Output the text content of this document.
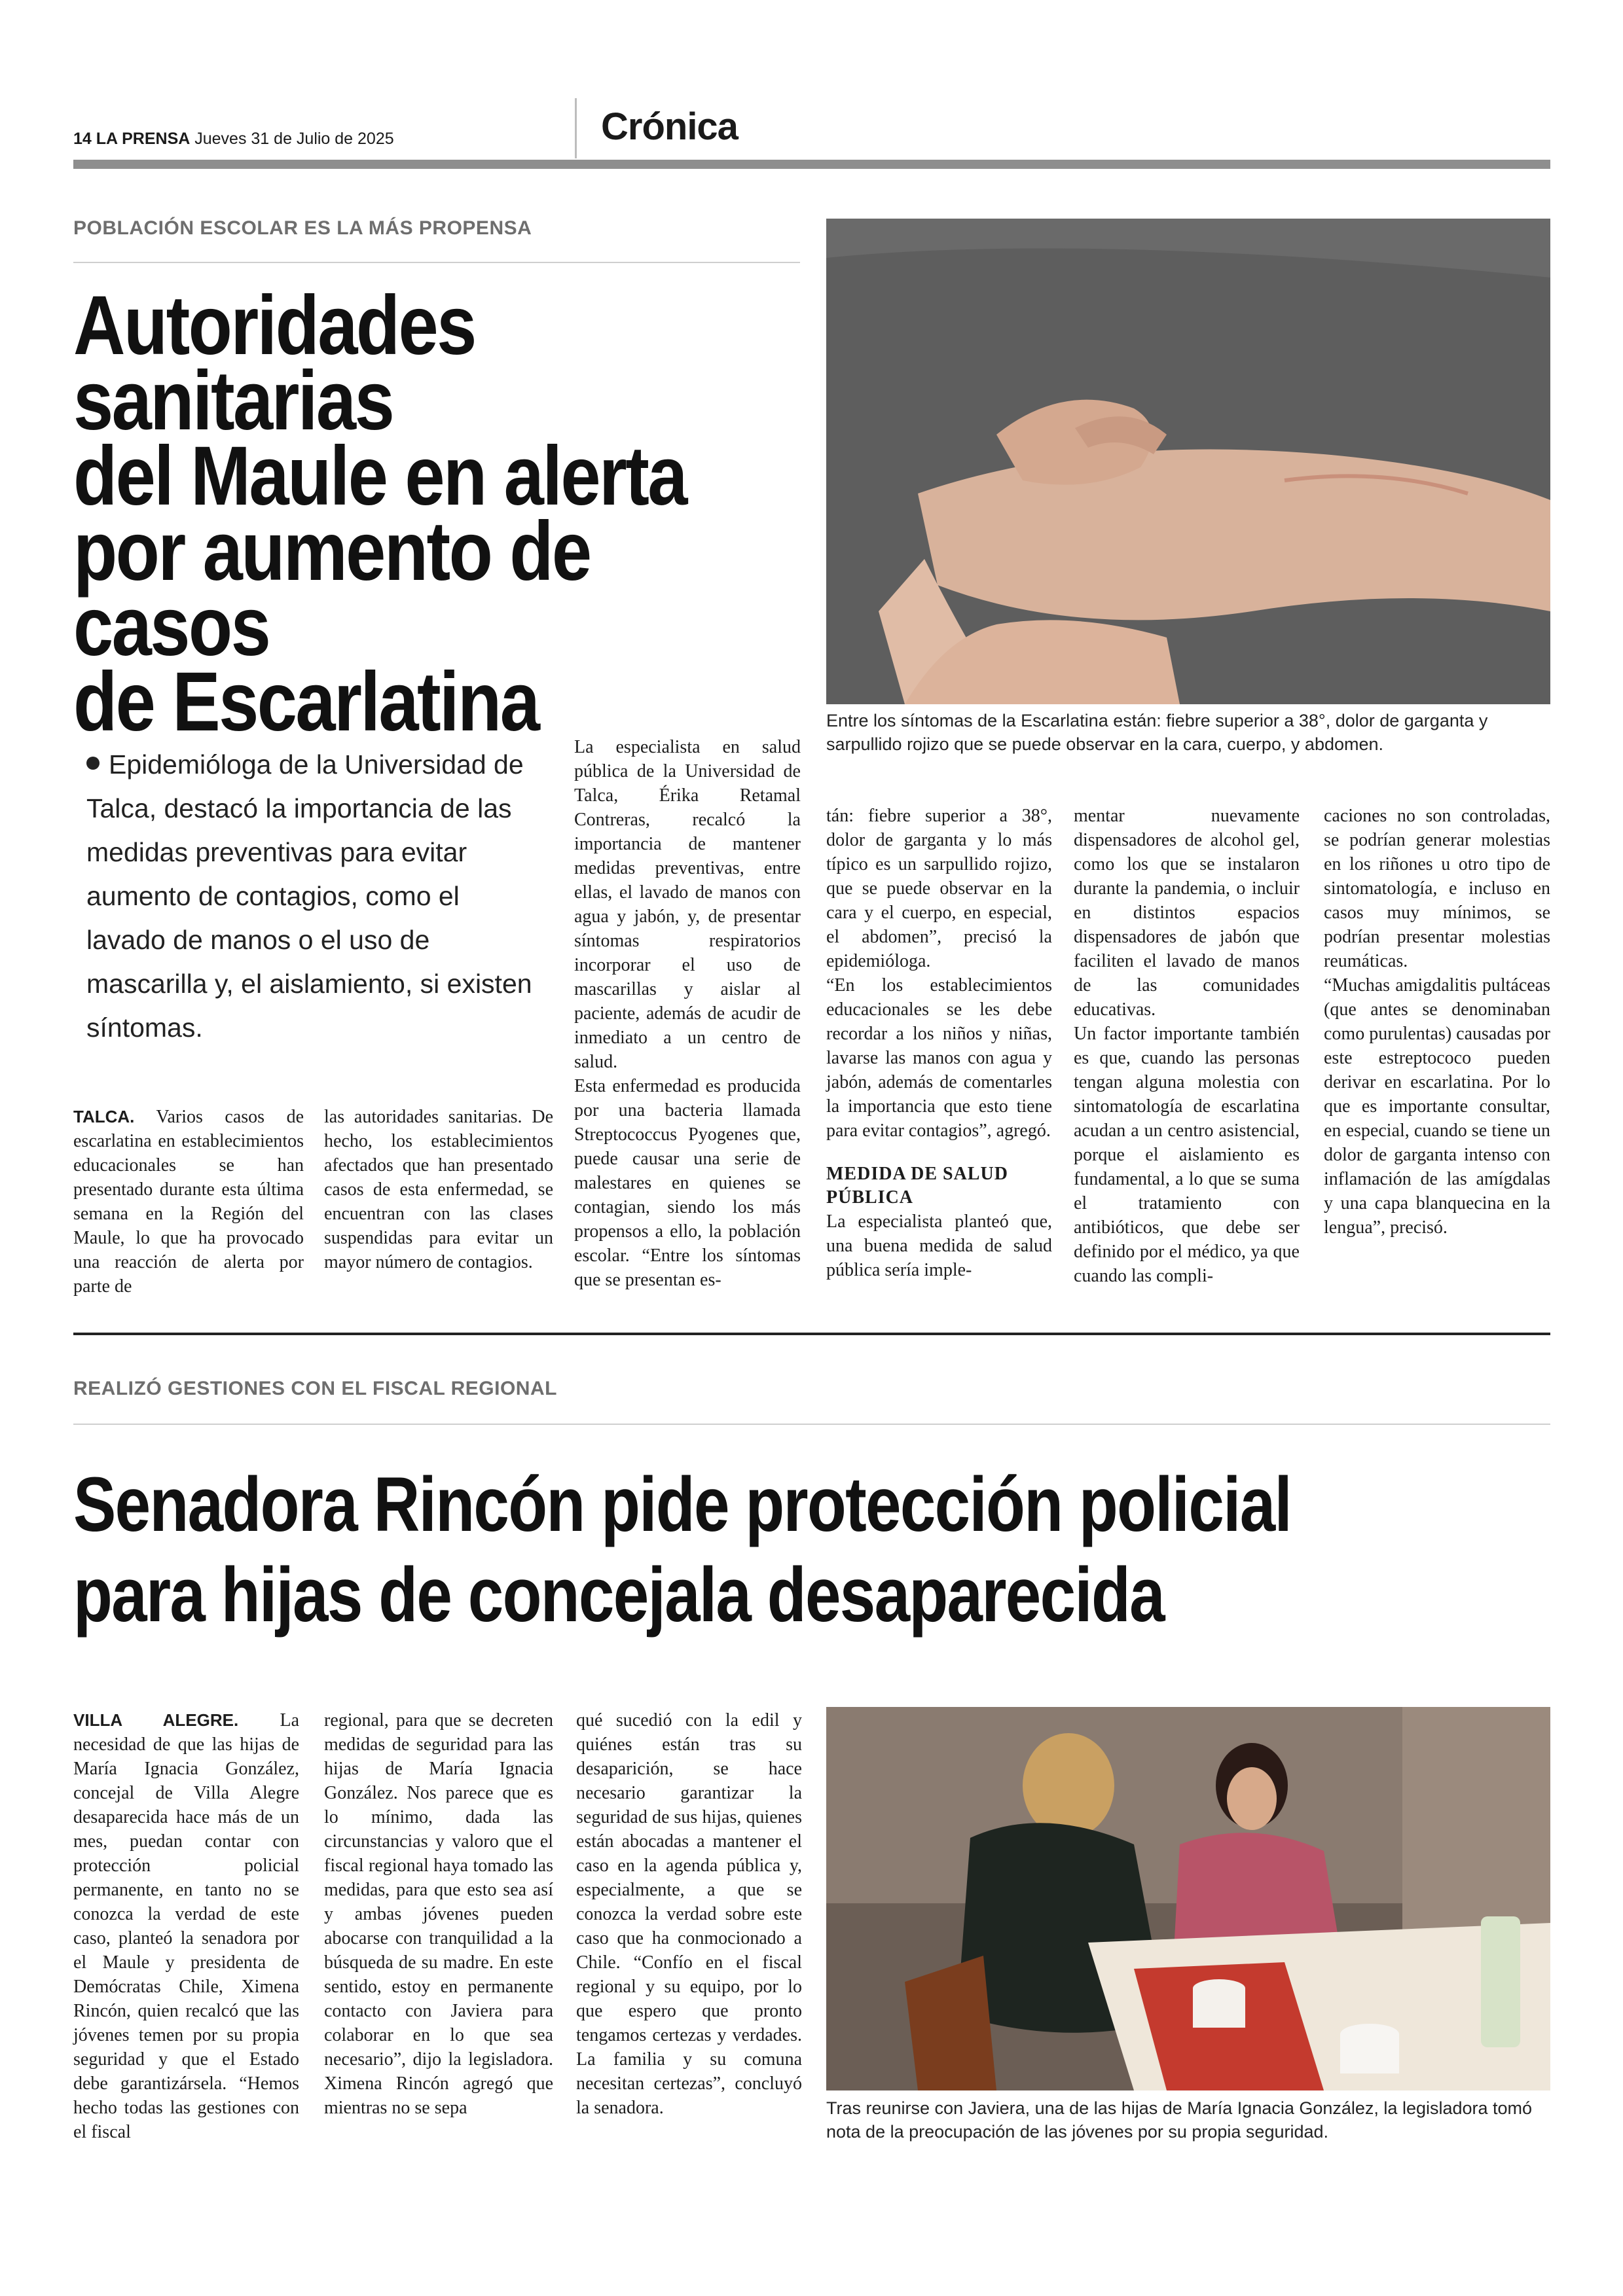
14 LA PRENSA Jueves 31 de Julio de 2025	Crónica
POBLACIÓN ESCOLAR ES LA MÁS PROPENSA
Autoridades sanitarias
del Maule en alerta
por aumento de casos
de Escarlatina
Epidemióloga de la Universidad de Talca, destacó la importancia de las medidas preventivas para evitar aumento de contagios, como el lavado de manos o el uso de mascarilla y, el aislamiento, si existen síntomas.
Entre los síntomas de la Escarlatina están: fiebre superior a 38°, dolor de garganta y sarpullido rojizo que se puede observar en la cara, cuerpo, y abdomen.

TALCA. Varios casos de escarlatina en establecimientos educacionales se han presentado durante esta última semana en la Región del Maule, lo que ha provocado una reacción de alerta por parte de

las autoridades sanitarias. De hecho, los establecimientos afectados que han presentado casos de esta enfermedad, se encuentran con las clases suspendidas para evitar un mayor número de contagios.

La especialista en salud pública de la Universidad de Talca, Érika Retamal Contreras, recalcó la importancia de mantener medidas preventivas, entre ellas, el lavado de manos con agua y jabón, y, de presentar síntomas respiratorios incorporar el uso de mascarillas y aislar al paciente, además de acudir de inmediato a un centro de salud.

Esta enfermedad es producida por una bacteria llamada Streptococcus Pyogenes que, puede causar una serie de malestares en quienes se contagian, siendo los más propensos a ello, la población escolar. “Entre los síntomas que se presentan es-

tán: fiebre superior a 38°, dolor de garganta y lo más típico es un sarpullido rojizo, que se puede observar en la cara y el cuerpo, en especial, el abdomen”, precisó la epidemióloga.

“En los establecimientos educacionales se les debe recordar a los niños y niñas, lavarse las manos con agua y jabón, además de comentarles la importancia que esto tiene para evitar contagios”, agregó.

MEDIDA DE SALUD PÚBLICA

La especialista planteó que, una buena medida de salud pública sería imple-

mentar nuevamente dispensadores de alcohol gel, como los que se instalaron durante la pandemia, o incluir en distintos espacios dispensadores de jabón que faciliten el lavado de manos de las comunidades educativas.

Un factor importante también es que, cuando las personas tengan alguna molestia con sintomatología de escarlatina acudan a un centro asistencial, porque el aislamiento es fundamental, a lo que se suma el tratamiento con antibióticos, que debe ser definido por el médico, ya que cuando las compli-

caciones no son controladas, se podrían generar molestias en los riñones u otro tipo de sintomatología, e incluso en casos muy mínimos, se podrían presentar molestias reumáticas.

“Muchas amigdalitis pultáceas (que antes se denominaban como purulentas) causadas por este estreptococo pueden derivar en escarlatina. Por lo que es importante consultar, en especial, cuando se tiene un dolor de garganta intenso con inflamación de las amígdalas y una capa blanquecina en la lengua”, precisó.

REALIZÓ GESTIONES CON EL FISCAL REGIONAL
Senadora Rincón pide protección policial
para hijas de concejala desaparecida

VILLA ALEGRE. La necesidad de que las hijas de María Ignacia González, concejal de Villa Alegre desaparecida hace más de un mes, puedan contar con protección policial permanente, en tanto no se conozca la verdad de este caso, planteó la senadora por el Maule y presidenta de Demócratas Chile, Ximena Rincón, quien recalcó que las jóvenes temen por su propia seguridad y que el Estado debe garantizársela. “Hemos hecho todas las gestiones con el fiscal

regional, para que se decreten medidas de seguridad para las hijas de María Ignacia González. Nos parece que es lo mínimo, dada las circunstancias y valoro que el fiscal regional haya tomado las medidas, para que esto sea así y ambas jóvenes pueden abocarse con tranquilidad a la búsqueda de su madre. En este sentido, estoy en permanente contacto con Javiera para colaborar en lo que sea necesario”, dijo la legisladora. Ximena Rincón agregó que mientras no se sepa

qué sucedió con la edil y quiénes están tras su desaparición, se hace necesario garantizar la seguridad de sus hijas, quienes están abocadas a mantener el caso en la agenda pública y, especialmente, a que se conozca la verdad sobre este caso que ha conmocionado a Chile. “Confío en el fiscal regional y su equipo, por lo que espero que pronto tengamos certezas y verdades. La familia y su comuna necesitan certezas”, concluyó la senadora.	Tras reunirse con Javiera, una de las hijas de María Ignacia González, la legisladora tomó nota de la preocupación de las jóvenes por su propia seguridad.
